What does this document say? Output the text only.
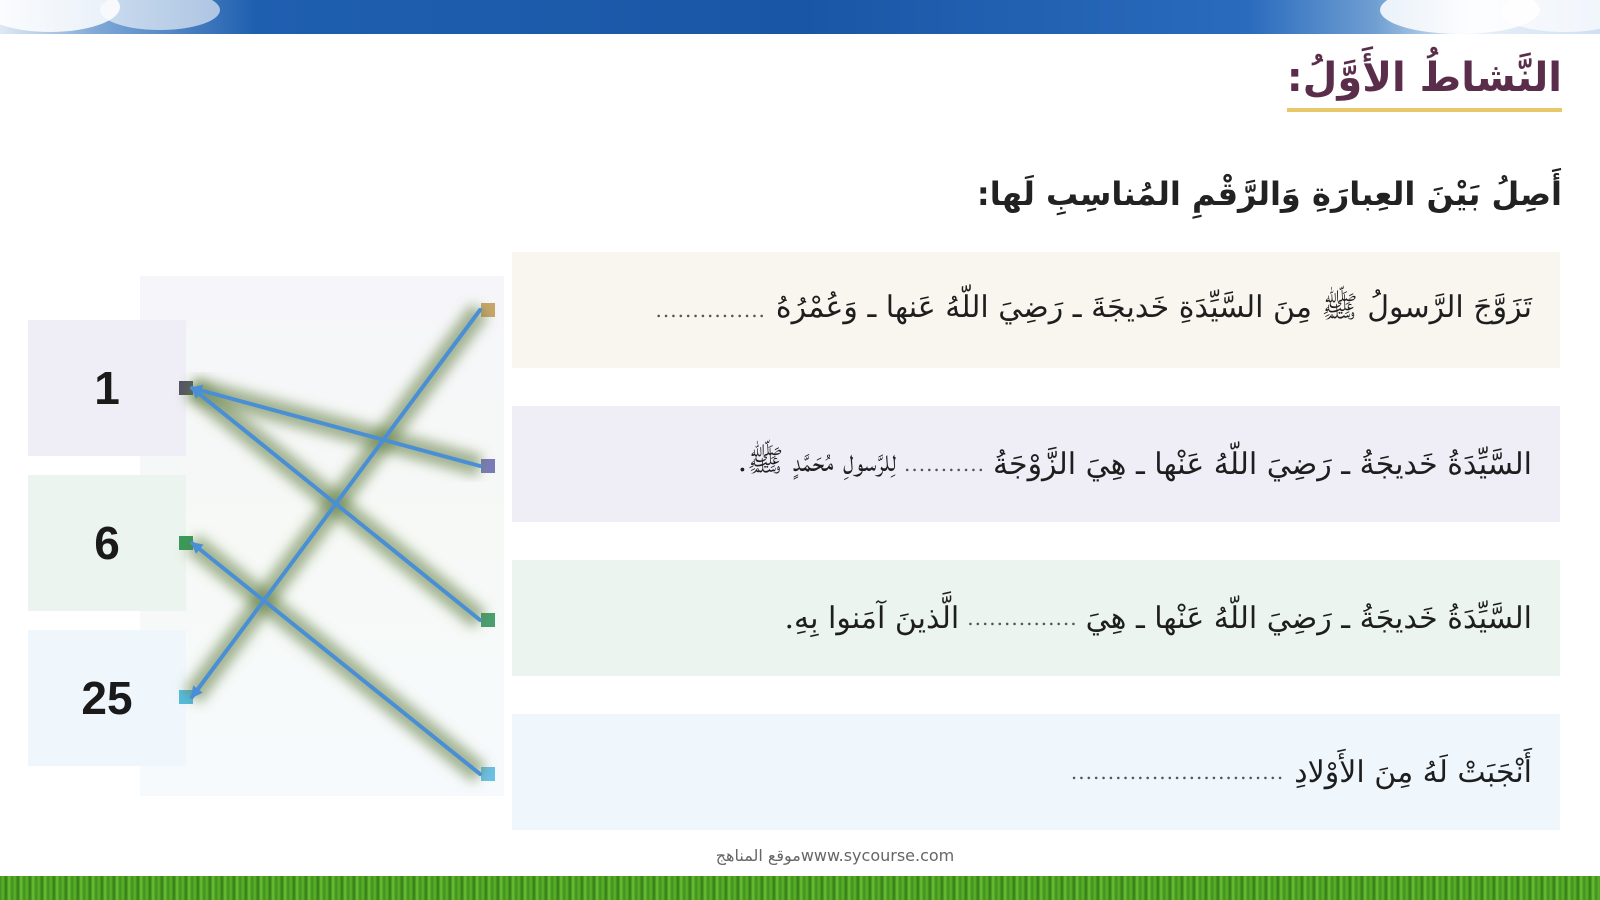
النَّشاطُ الأَوَّلُ:
أَصِلُ بَيْنَ العِبارَةِ وَالرَّقْمِ المُناسِبِ لَها:
تَزَوَّجَ الرَّسولُ ﷺ مِنَ السَّيِّدَةِ خَديجَةَ ـ رَضِيَ اللّهُ عَنها ـ وَعُمْرُهُ
...............
السَّيِّدَةُ خَديجَةُ ـ رَضِيَ اللّهُ عَنْها ـ هِيَ الزَّوْجَةُ
...........
لِلرَّسولِ مُحَمَّدٍ ﷺ.
السَّيِّدَةُ خَديجَةُ ـ رَضِيَ اللّهُ عَنْها ـ هِيَ
...............
الَّذينَ آمَنوا بِهِ.
أَنْجَبَتْ لَهُ مِنَ الأَوْلادِ
.............................
1
6
25
موقع المناهجwww.sycourse.com
